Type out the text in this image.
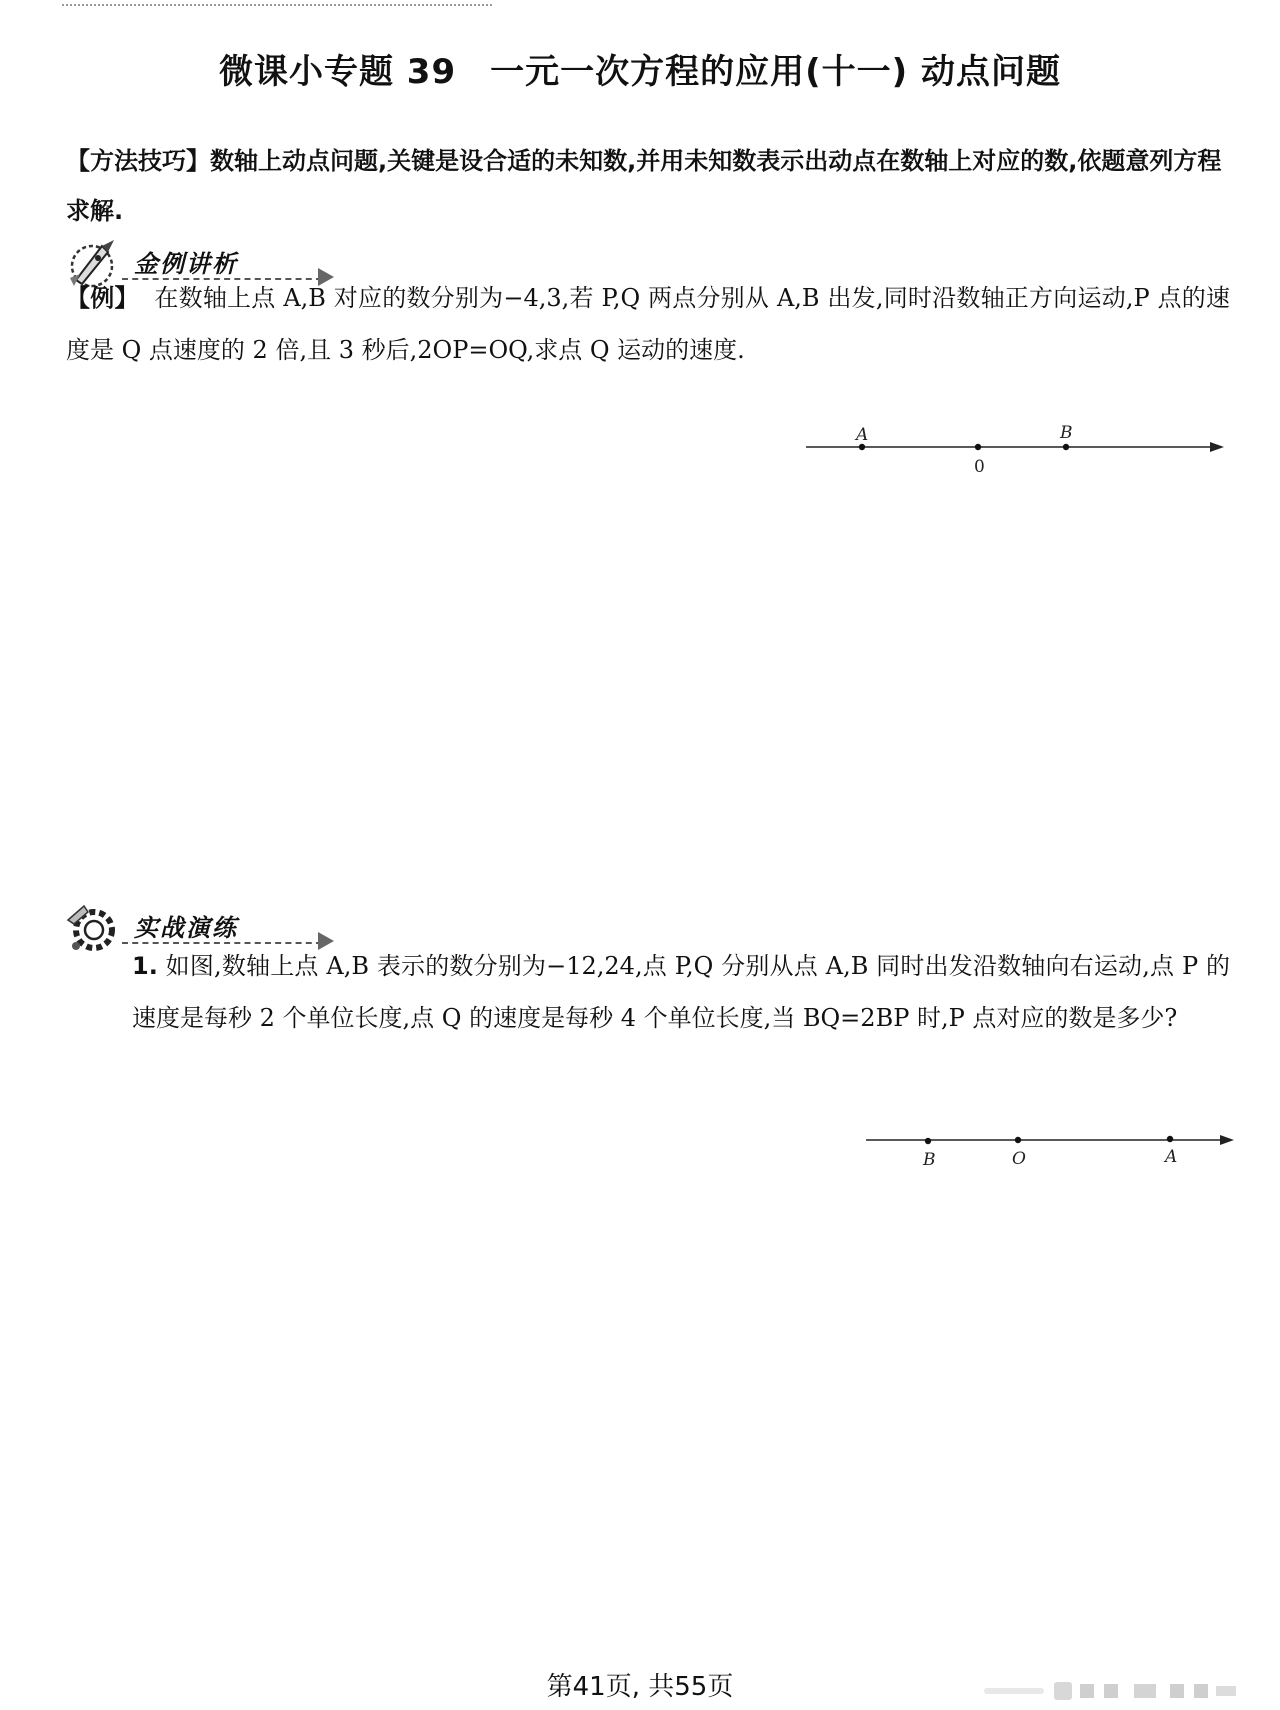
微课小专题 39 一元一次方程的应用(十一) 动点问题
【方法技巧】数轴上动点问题,关键是设合适的未知数,并用未知数表示出动点在数轴上对应的数,依题意列方程求解.
金例讲析
【例】 在数轴上点 A,B 对应的数分别为−4,3,若 P,Q 两点分别从 A,B 出发,同时沿数轴正方向运动,P 点的速度是 Q 点速度的 2 倍,且 3 秒后,2OP=OQ,求点 Q 运动的速度.
A
0
B
实战演练
1. 如图,数轴上点 A,B 表示的数分别为−12,24,点 P,Q 分别从点 A,B 同时出发沿数轴向右运动,点 P 的速度是每秒 2 个单位长度,点 Q 的速度是每秒 4 个单位长度,当 BQ=2BP 时,P 点对应的数是多少?
B	O	A
第41页, 共55页
